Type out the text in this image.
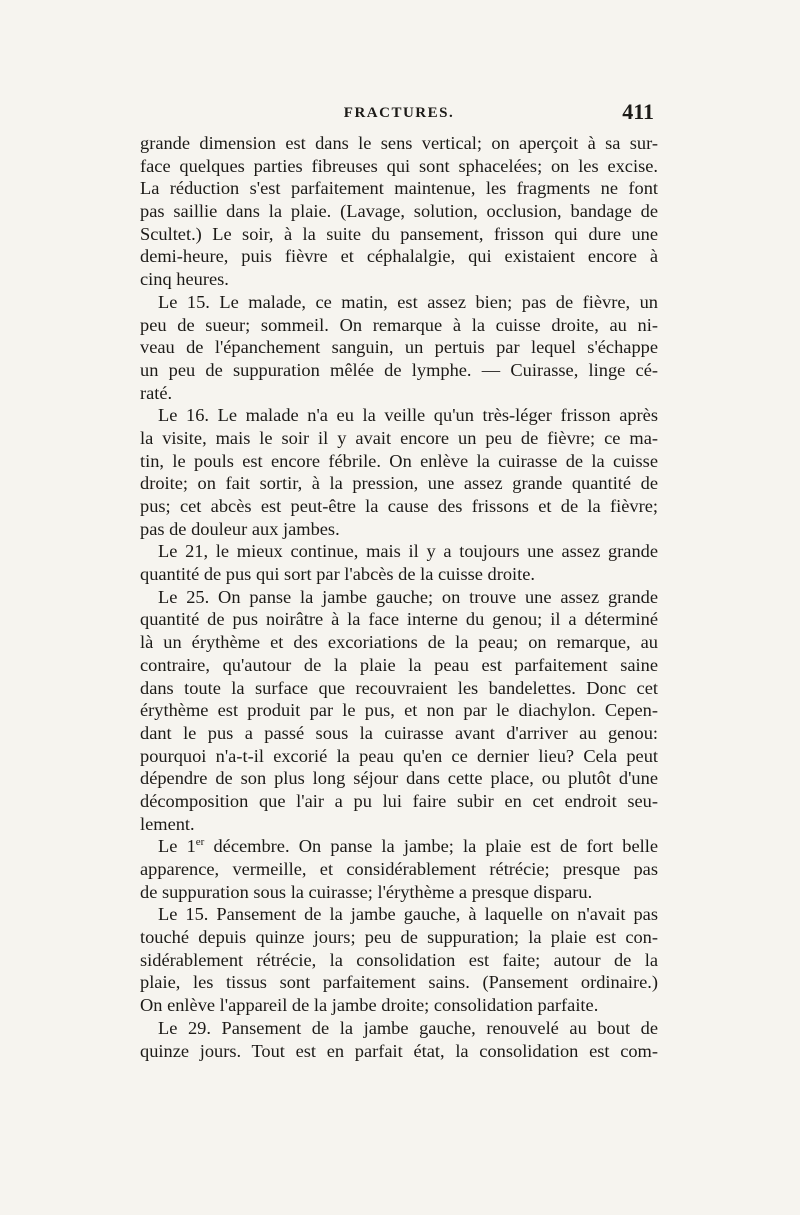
FRACTURES.	411
grande dimension est dans le sens vertical; on aperçoit à sa sur-
face quelques parties fibreuses qui sont sphacelées; on les excise.
La réduction s'est parfaitement maintenue, les fragments ne font
pas saillie dans la plaie. (Lavage, solution, occlusion, bandage de
Scultet.) Le soir, à la suite du pansement, frisson qui dure une
demi-heure, puis fièvre et céphalalgie, qui existaient encore à
cinq heures.
Le 15. Le malade, ce matin, est assez bien; pas de fièvre, un
peu de sueur; sommeil. On remarque à la cuisse droite, au ni-
veau de l'épanchement sanguin, un pertuis par lequel s'échappe
un peu de suppuration mêlée de lymphe. — Cuirasse, linge cé-
raté.
Le 16. Le malade n'a eu la veille qu'un très-léger frisson après
la visite, mais le soir il y avait encore un peu de fièvre; ce ma-
tin, le pouls est encore fébrile. On enlève la cuirasse de la cuisse
droite; on fait sortir, à la pression, une assez grande quantité de
pus; cet abcès est peut-être la cause des frissons et de la fièvre;
pas de douleur aux jambes.
Le 21, le mieux continue, mais il y a toujours une assez grande
quantité de pus qui sort par l'abcès de la cuisse droite.
Le 25. On panse la jambe gauche; on trouve une assez grande
quantité de pus noirâtre à la face interne du genou; il a déterminé
là un érythème et des excoriations de la peau; on remarque, au
contraire, qu'autour de la plaie la peau est parfaitement saine
dans toute la surface que recouvraient les bandelettes. Donc cet
érythème est produit par le pus, et non par le diachylon. Cepen-
dant le pus a passé sous la cuirasse avant d'arriver au genou:
pourquoi n'a-t-il excorié la peau qu'en ce dernier lieu? Cela peut
dépendre de son plus long séjour dans cette place, ou plutôt d'une
décomposition que l'air a pu lui faire subir en cet endroit seu-
lement.
Le 1er décembre. On panse la jambe; la plaie est de fort belle
apparence, vermeille, et considérablement rétrécie; presque pas
de suppuration sous la cuirasse; l'érythème a presque disparu.
Le 15. Pansement de la jambe gauche, à laquelle on n'avait pas
touché depuis quinze jours; peu de suppuration; la plaie est con-
sidérablement rétrécie, la consolidation est faite; autour de la
plaie, les tissus sont parfaitement sains. (Pansement ordinaire.)
On enlève l'appareil de la jambe droite; consolidation parfaite.
Le 29. Pansement de la jambe gauche, renouvelé au bout de
quinze jours. Tout est en parfait état, la consolidation est com-
